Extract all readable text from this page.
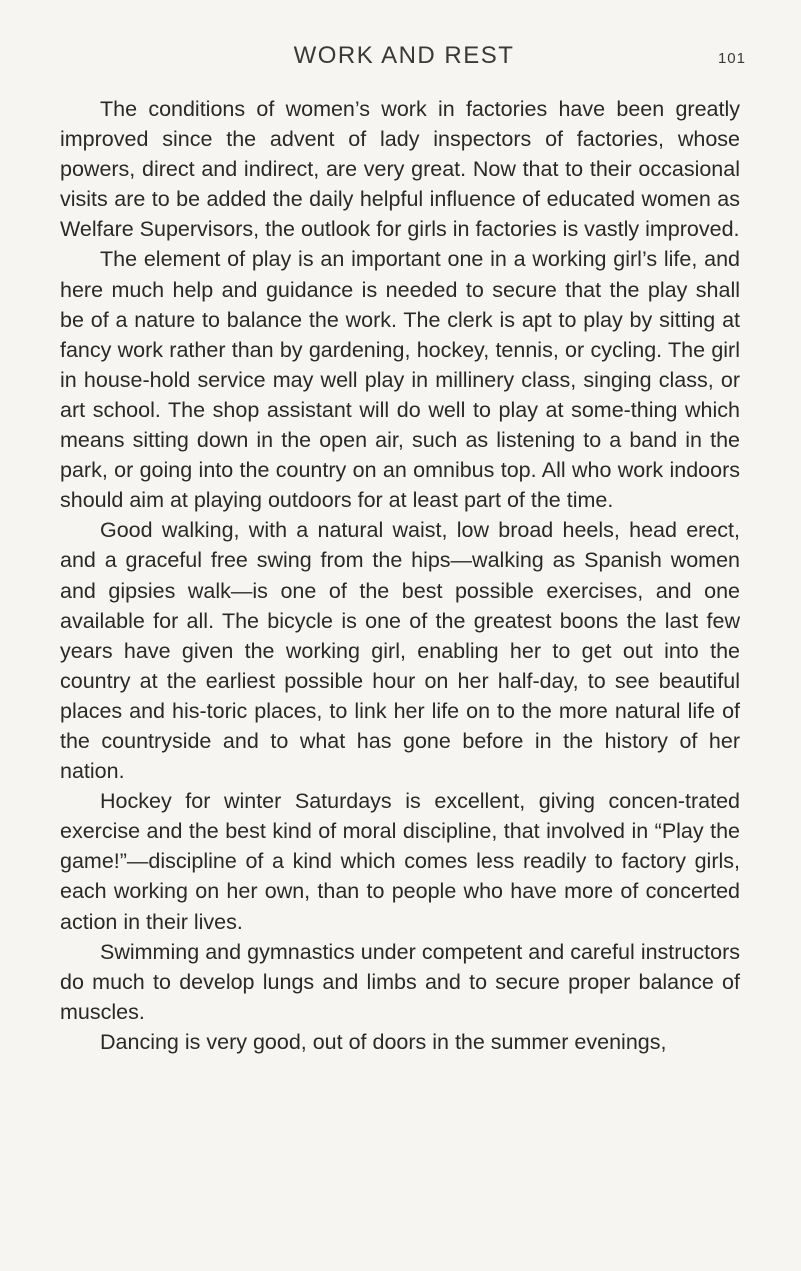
WORK AND REST	101

The conditions of women’s work in factories have been greatly improved since the advent of lady inspectors of factories, whose powers, direct and indirect, are very great. Now that to their occasional visits are to be added the daily helpful influence of educated women as Welfare Supervisors, the outlook for girls in factories is vastly improved.

The element of play is an important one in a working girl’s life, and here much help and guidance is needed to secure that the play shall be of a nature to balance the work. The clerk is apt to play by sitting at fancy work rather than by gardening, hockey, tennis, or cycling. The girl in house-hold service may well play in millinery class, singing class, or art school. The shop assistant will do well to play at some-thing which means sitting down in the open air, such as listening to a band in the park, or going into the country on an omnibus top. All who work indoors should aim at playing outdoors for at least part of the time.

Good walking, with a natural waist, low broad heels, head erect, and a graceful free swing from the hips—walking as Spanish women and gipsies walk—is one of the best possible exercises, and one available for all. The bicycle is one of the greatest boons the last few years have given the working girl, enabling her to get out into the country at the earliest possible hour on her half-day, to see beautiful places and his-toric places, to link her life on to the more natural life of the countryside and to what has gone before in the history of her nation.

Hockey for winter Saturdays is excellent, giving concen-trated exercise and the best kind of moral discipline, that involved in “Play the game!”—discipline of a kind which comes less readily to factory girls, each working on her own, than to people who have more of concerted action in their lives.

Swimming and gymnastics under competent and careful instructors do much to develop lungs and limbs and to secure proper balance of muscles.

Dancing is very good, out of doors in the summer evenings,
